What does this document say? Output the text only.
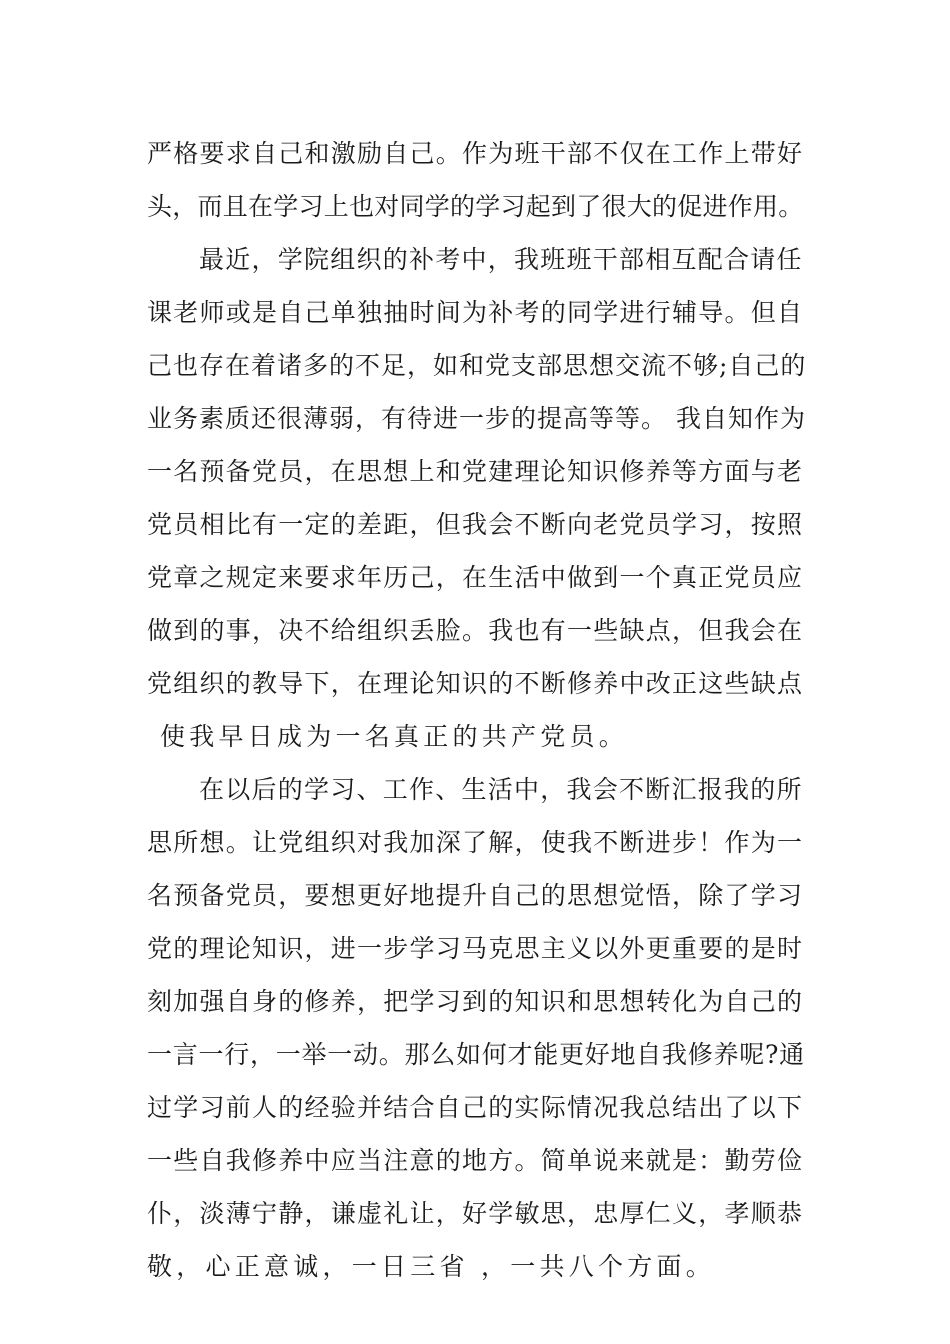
严格要求自己和激励自己。作为班干部不仅在工作上带好
头，而且在学习上也对同学的学习起到了很大的促进作用。
最近，学院组织的补考中，我班班干部相互配合请任
课老师或是自己单独抽时间为补考的同学进行辅导。但自
己也存在着诸多的不足，如和党支部思想交流不够;自己的
业务素质还很薄弱，有待进一步的提高等等。 我自知作为
一名预备党员，在思想上和党建理论知识修养等方面与老
党员相比有一定的差距，但我会不断向老党员学习，按照
党章之规定来要求年历己，在生活中做到一个真正党员应
做到的事，决不给组织丢脸。我也有一些缺点，但我会在
党组织的教导下，在理论知识的不断修养中改正这些缺点
使我早日成为一名真正的共产党员。
在以后的学习、工作、生活中，我会不断汇报我的所
思所想。让党组织对我加深了解，使我不断进步！作为一
名预备党员，要想更好地提升自己的思想觉悟，除了学习
党的理论知识，进一步学习马克思主义以外更重要的是时
刻加强自身的修养，把学习到的知识和思想转化为自己的
一言一行，一举一动。那么如何才能更好地自我修养呢?通
过学习前人的经验并结合自己的实际情况我总结出了以下
一些自我修养中应当注意的地方。简单说来就是：勤劳俭
仆，淡薄宁静，谦虚礼让，好学敏思，忠厚仁义，孝顺恭
敬，心正意诚，一日三省 ，一共八个方面。
